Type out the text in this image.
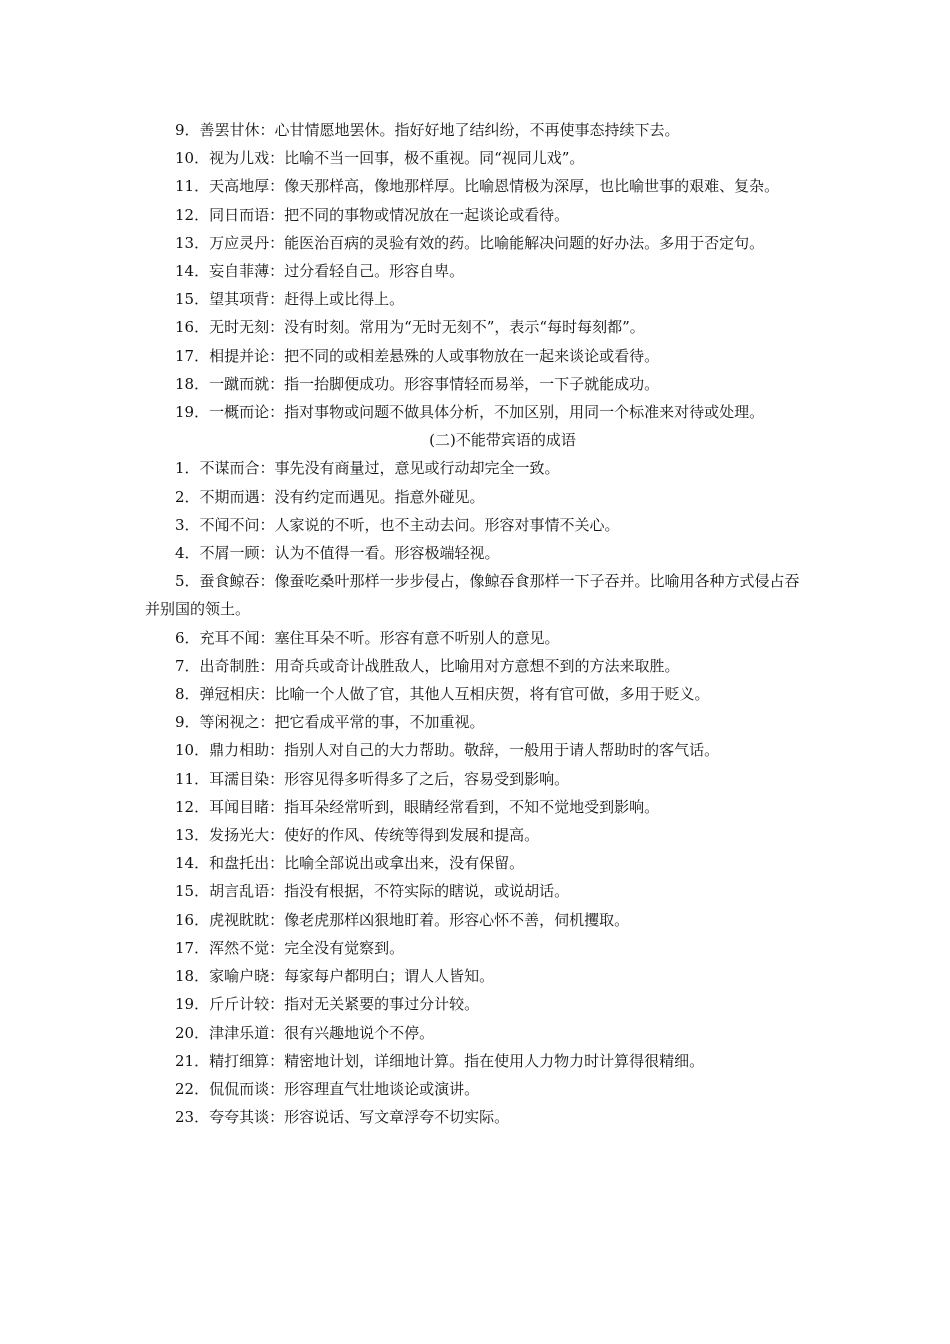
9．善罢甘休：心甘情愿地罢休。指好好地了结纠纷，不再使事态持续下去。

10．视为儿戏：比喻不当一回事，极不重视。同“视同儿戏”。

11．天高地厚：像天那样高，像地那样厚。比喻恩情极为深厚，也比喻世事的艰难、复杂。

12．同日而语：把不同的事物或情况放在一起谈论或看待。

13．万应灵丹：能医治百病的灵验有效的药。比喻能解决问题的好办法。多用于否定句。

14．妄自菲薄：过分看轻自己。形容自卑。

15．望其项背：赶得上或比得上。

16．无时无刻：没有时刻。常用为“无时无刻不”，表示“每时每刻都”。

17．相提并论：把不同的或相差悬殊的人或事物放在一起来谈论或看待。

18．一蹴而就：指一抬脚便成功。形容事情轻而易举，一下子就能成功。

19．一概而论：指对事物或问题不做具体分析，不加区别，用同一个标准来对待或处理。

(二)不能带宾语的成语

1．不谋而合：事先没有商量过，意见或行动却完全一致。

2．不期而遇：没有约定而遇见。指意外碰见。

3．不闻不问：人家说的不听，也不主动去问。形容对事情不关心。

4．不屑一顾：认为不值得一看。形容极端轻视。

5．蚕食鲸吞：像蚕吃桑叶那样一步步侵占，像鲸吞食那样一下子吞并。比喻用各种方式侵占吞并别国的领土。

6．充耳不闻：塞住耳朵不听。形容有意不听别人的意见。

7．出奇制胜：用奇兵或奇计战胜敌人，比喻用对方意想不到的方法来取胜。

8．弹冠相庆：比喻一个人做了官，其他人互相庆贺，将有官可做，多用于贬义。

9．等闲视之：把它看成平常的事，不加重视。

10．鼎力相助：指别人对自己的大力帮助。敬辞，一般用于请人帮助时的客气话。

11．耳濡目染：形容见得多听得多了之后，容易受到影响。

12．耳闻目睹：指耳朵经常听到，眼睛经常看到，不知不觉地受到影响。

13．发扬光大：使好的作风、传统等得到发展和提高。

14．和盘托出：比喻全部说出或拿出来，没有保留。

15．胡言乱语：指没有根据，不符实际的瞎说，或说胡话。

16．虎视眈眈：像老虎那样凶狠地盯着。形容心怀不善，伺机攫取。

17．浑然不觉：完全没有觉察到。

18．家喻户晓：每家每户都明白；谓人人皆知。

19．斤斤计较：指对无关紧要的事过分计较。

20．津津乐道：很有兴趣地说个不停。

21．精打细算：精密地计划，详细地计算。指在使用人力物力时计算得很精细。

22．侃侃而谈：形容理直气壮地谈论或演讲。

23．夸夸其谈：形容说话、写文章浮夸不切实际。
